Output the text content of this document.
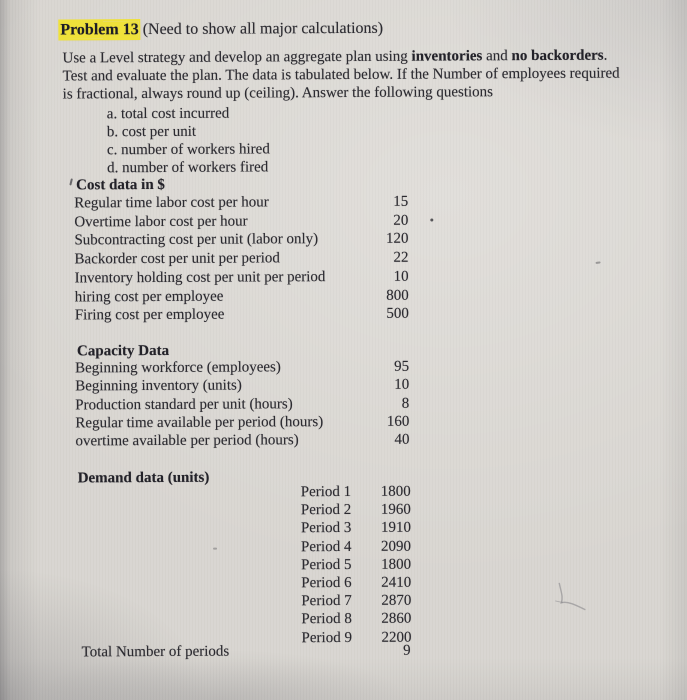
Problem 13 (Need to show all major calculations)
Use a Level strategy and develop an aggregate plan using inventories and no backorders. Test and evaluate the plan. The data is tabulated below. If the Number of employees required is fractional, always round up (ceiling). Answer the following questions
a. total cost incurred
b. cost per unit
c. number of workers hired
d. number of workers fired
Cost data in $
Regular time labor cost per hour	15
Overtime labor cost per hour	20
Subcontracting cost per unit (labor only)	120
Backorder cost per unit per period	22
Inventory holding cost per unit per period	10
hiring cost per employee	800
Firing cost per employee	500
Capacity Data
Beginning workforce (employees)	95
Beginning inventory (units)	10
Production standard per unit (hours)	8
Regular time available per period (hours)	160
overtime available per period (hours)	40
Demand data (units)
Period 1 1800
Period 2 1960
Period 3 1910
Period 4 2090
Period 5 1800
Period 6 2410
Period 7 2870
Period 8 2860
Period 9 2200
Total Number of periods	9
